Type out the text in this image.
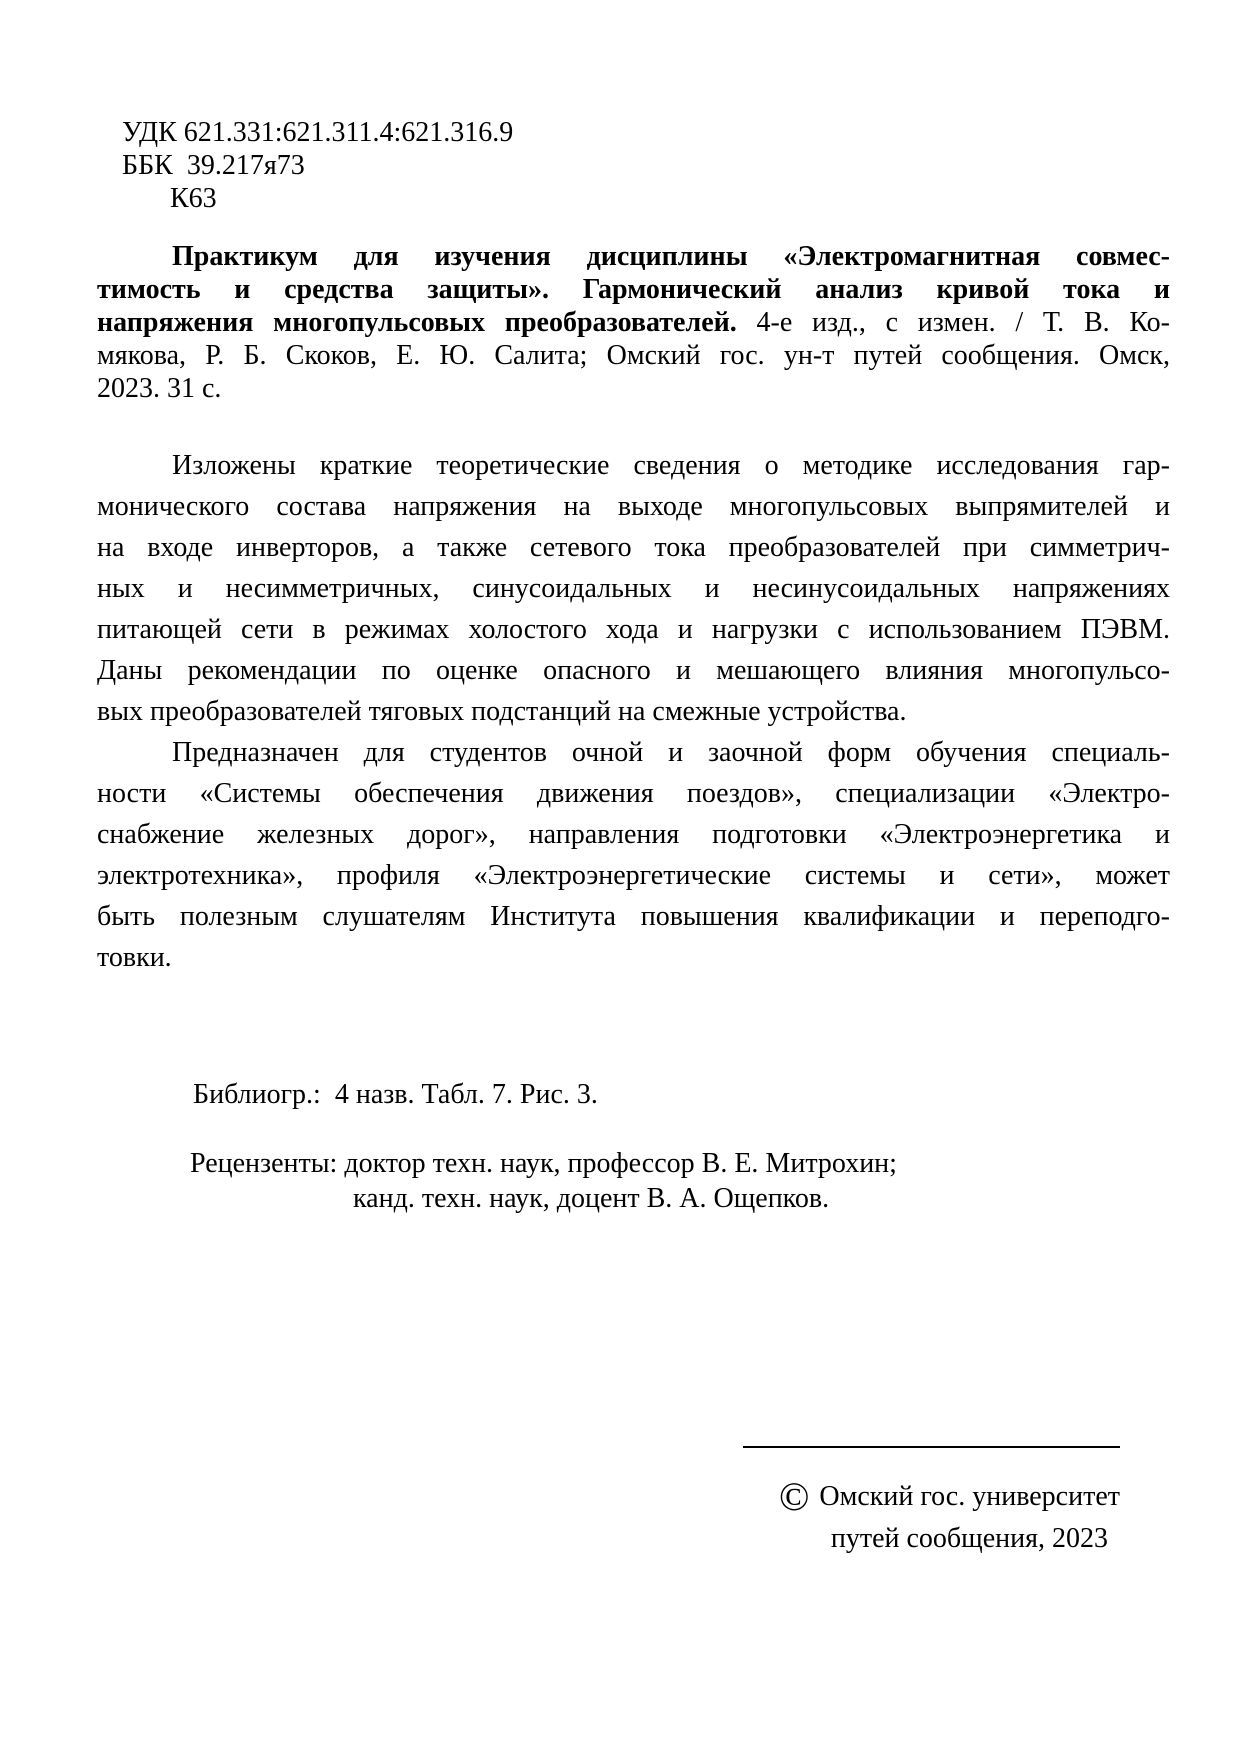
УДК 621.331:621.311.4:621.316.9
ББК  39.217я73
К63
Практикум для изучения дисциплины «Электромагнитная совмес-
тимость и средства защиты». Гармонический анализ кривой тока и
напряжения многопульсовых преобразователей. 4-е изд., с измен. / Т. В. Ко-
мякова, Р. Б. Скоков, Е. Ю. Салита; Омский гос. ун-т путей сообщения. Омск,
2023. 31 с.
Изложены краткие теоретические сведения о методике исследования гар-
монического состава напряжения на выходе многопульсовых выпрямителей и
на входе инверторов, а также сетевого тока преобразователей при симметрич-
ных и несимметричных, синусоидальных и несинусоидальных напряжениях
питающей сети в режимах холостого хода и нагрузки с использованием ПЭВМ.
Даны рекомендации по оценке опасного и мешающего влияния многопульсо-
вых преобразователей тяговых подстанций на смежные устройства.
Предназначен для студентов очной и заочной форм обучения специаль-
ности «Системы обеспечения движения поездов», специализации «Электро-
снабжение железных дорог», направления подготовки «Электроэнергетика и
электротехника», профиля «Электроэнергетические системы и сети», может
быть полезным слушателям Института повышения квалификации и переподго-
товки.
Библиогр.:  4 назв. Табл. 7. Рис. 3.
Рецензенты: доктор техн. наук, профессор В. Е. Митрохин;
канд. техн. наук, доцент В. А. Ощепков.
© Омский гос. университет
путей сообщения, 2023
